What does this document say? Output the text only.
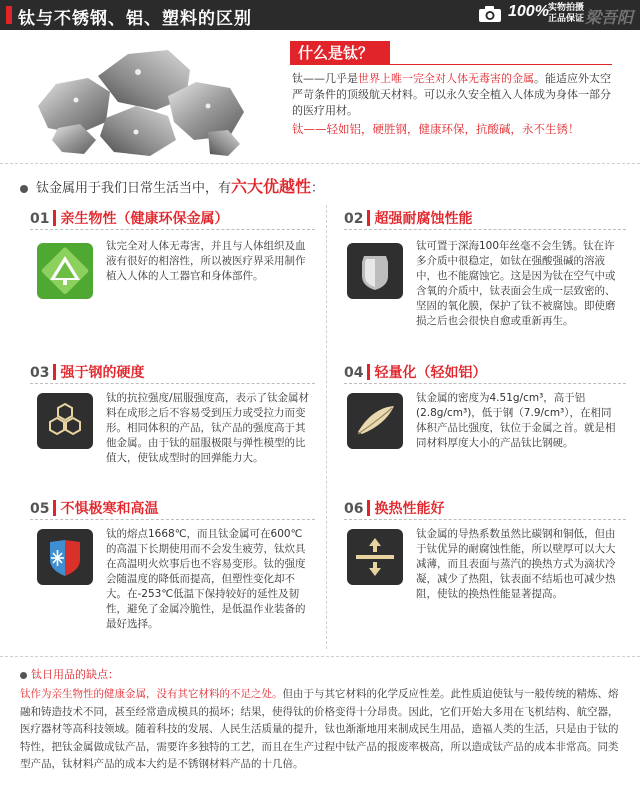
钛与不锈钢、铝、塑料的区别	100% 实物拍摄
正品保证 梁吾阳
什么是钛？
钛——几乎是世界上唯一完全对人体无毒害的金属。能适应外太空严苛条件的顶级航天材料。可以永久安全植入人体成为身体一部分的医疗用材。
钛——轻如铝，硬胜钢，健康环保，抗酸碱，永不生锈！
钛金属用于我们日常生活当中，有六大优越性：
01 亲生物性（健康环保金属）
钛完全对人体无毒害，并且与人体组织及血液有很好的相溶性，所以被医疗界采用制作植入人体的人工器官和身体部件。
02 超强耐腐蚀性能
钛可置于深海100年丝毫不会生锈。钛在许多介质中很稳定，如钛在强酸强碱的溶液中，也不能腐蚀它。这是因为钛在空气中或含氧的介质中，钛表面会生成一层致密的、坚固的氧化膜，保护了钛不被腐蚀。即使磨损之后也会很快自愈或重新再生。
03 强于钢的硬度
钛的抗拉强度/屈服强度高，表示了钛金属材料在成形之后不容易受到压力或受拉力而变形。相同体积的产品，钛产品的强度高于其他金属。由于钛的屈服极限与弹性模型的比值大，使钛成型时的回弹能力大。
04 轻量化（轻如铝）
钛金属的密度为4.51g/cm³，高于铝(2.8g/cm³)，低于钢（7.9/cm³），在相同体积产品比强度，钛位于金属之首。就是相同材料厚度大小的产品钛比钢硬。
05 不惧极寒和高温
钛的熔点1668℃，而且钛金属可在600℃的高温下长期使用而不会发生疲劳，钛炊具在高温明火炊事后也不容易变形。钛的强度会随温度的降低而提高，但塑性变化却不大。在-253℃低温下保持较好的延性及韧性，避免了金属冷脆性，是低温作业装备的最好选择。
06 换热性能好
钛金属的导热系数虽然比碳钢和铜低，但由于钛优异的耐腐蚀性能，所以壁厚可以大大减薄，而且表面与蒸汽的换热方式为滴状冷凝，减少了热阻，钛表面不结垢也可减少热阻，使钛的换热性能显著提高。
钛日用品的缺点：
钛作为亲生物性的健康金属，没有其它材料的不足之处。但由于与其它材料的化学反应性差。此性质迫使钛与一般传统的精炼、熔融和铸造技术不同，甚至经常造成模具的损坏；结果，使得钛的价格变得十分昂贵。因此，它们开始大多用在飞机结构、航空器，医疗器材等高科技领域。随着科技的发展、人民生活质量的提升，钛也渐渐地用来制成民生用品，造福人类的生活，只是由于钛的特性，把钛金属做成钛产品，需要许多独特的工艺，而且在生产过程中钛产品的报废率极高，所以造成钛产品的成本非常高。同类型产品，钛材料产品的成本大约是不锈钢材料产品的十几倍。
